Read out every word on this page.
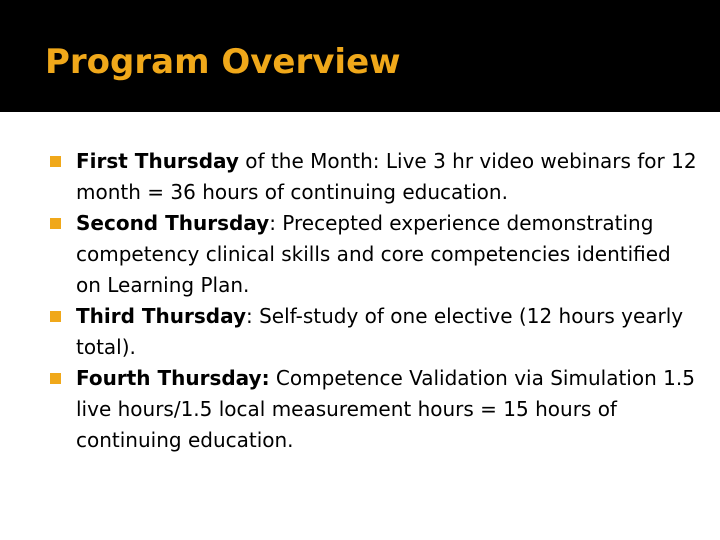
Program Overview
First Thursday of the Month: Live 3 hr video webinars for 12 month = 36 hours of continuing education.
Second Thursday: Precepted experience demonstrating competency clinical skills and core competencies identified on Learning Plan.
Third Thursday: Self-study of one elective (12 hours yearly total).
Fourth Thursday: Competence Validation via Simulation 1.5 live hours/1.5 local measurement hours = 15 hours of continuing education.
